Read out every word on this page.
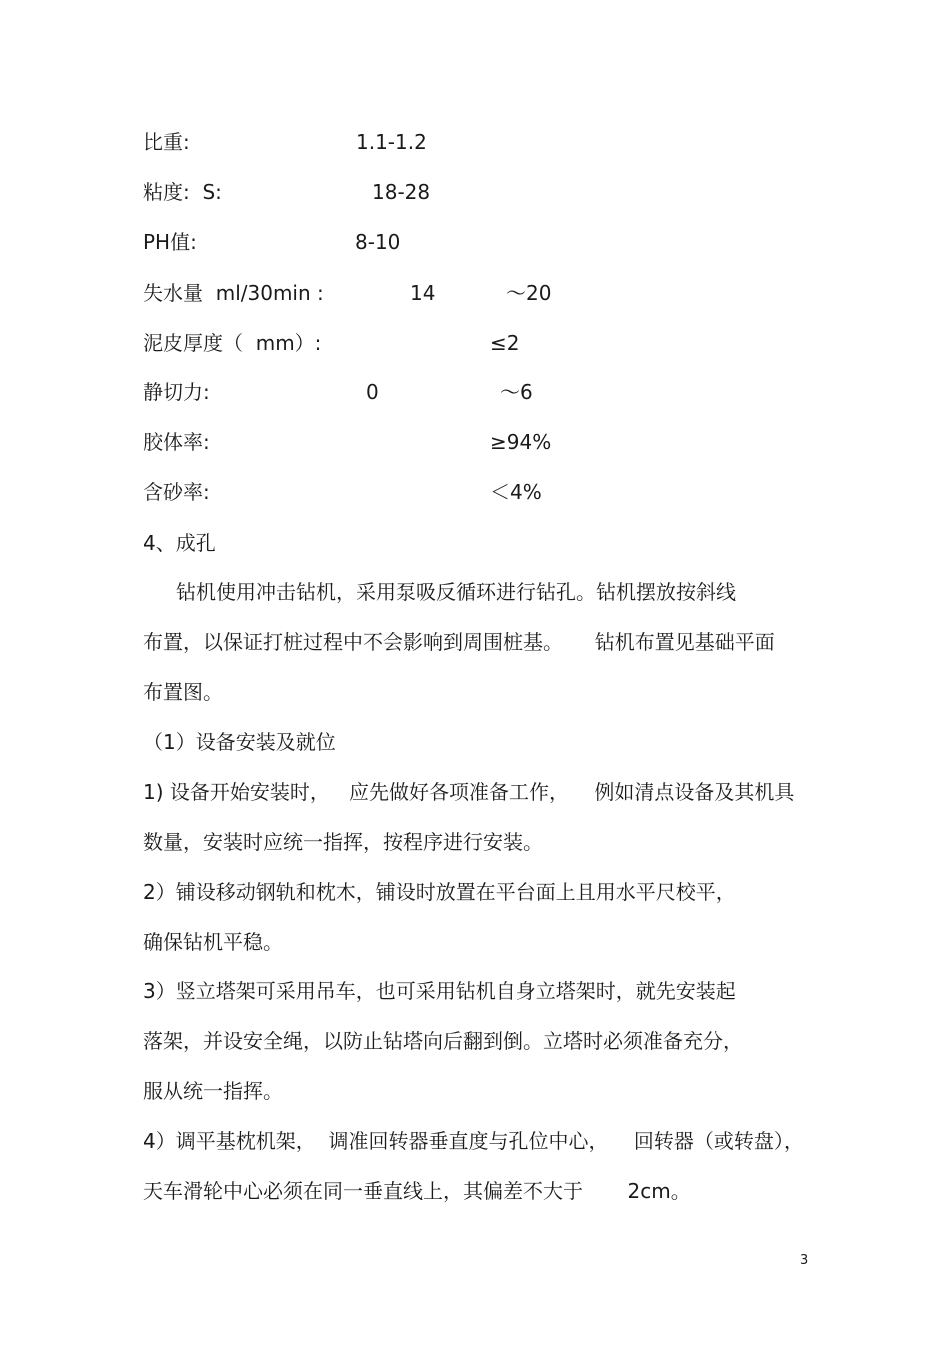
比重:	1.1-1.2
粘度:  S:	18-28
PH值:	8-10
失水量  ml/30min :	14	～20
泥皮厚度（  mm）:	≤2
静切力:	0	～6
胶体率:	≥94%
含砂率:	＜4%
4、成孔
钻机使用冲击钻机，采用泵吸反循环进行钻孔。钻机摆放按斜线
布置，以保证打桩过程中不会影响到周围桩基。     钻机布置见基础平面
布置图。
（1）设备安装及就位
1) 设备开始安装时，   应先做好各项准备工作，    例如清点设备及其机具
数量，安装时应统一指挥，按程序进行安装。
2）铺设移动钢轨和枕木，铺设时放置在平台面上且用水平尺校平，
确保钻机平稳。
3）竖立塔架可采用吊车，也可采用钻机自身立塔架时，就先安装起
落架，并设安全绳，以防止钻塔向后翻到倒。立塔时必须准备充分，
服从统一指挥。
4）调平基枕机架，  调准回转器垂直度与孔位中心，    回转器（或转盘），
天车滑轮中心必须在同一垂直线上，其偏差不大于       2cm。
3
